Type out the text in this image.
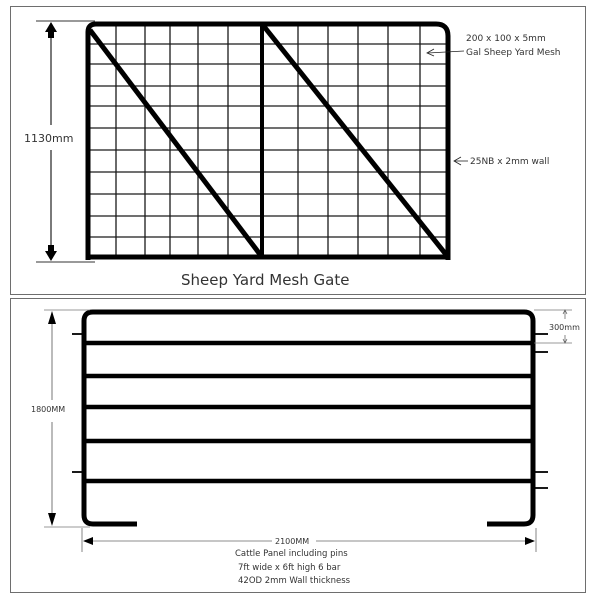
1130mm
200 x 100 x 5mm
Gal Sheep Yard Mesh
25NB x 2mm wall
Sheep Yard Mesh Gate
1800MM
300mm
2100MM
Cattle Panel including pins
7ft wide x 6ft high 6 bar
42OD 2mm Wall thickness
